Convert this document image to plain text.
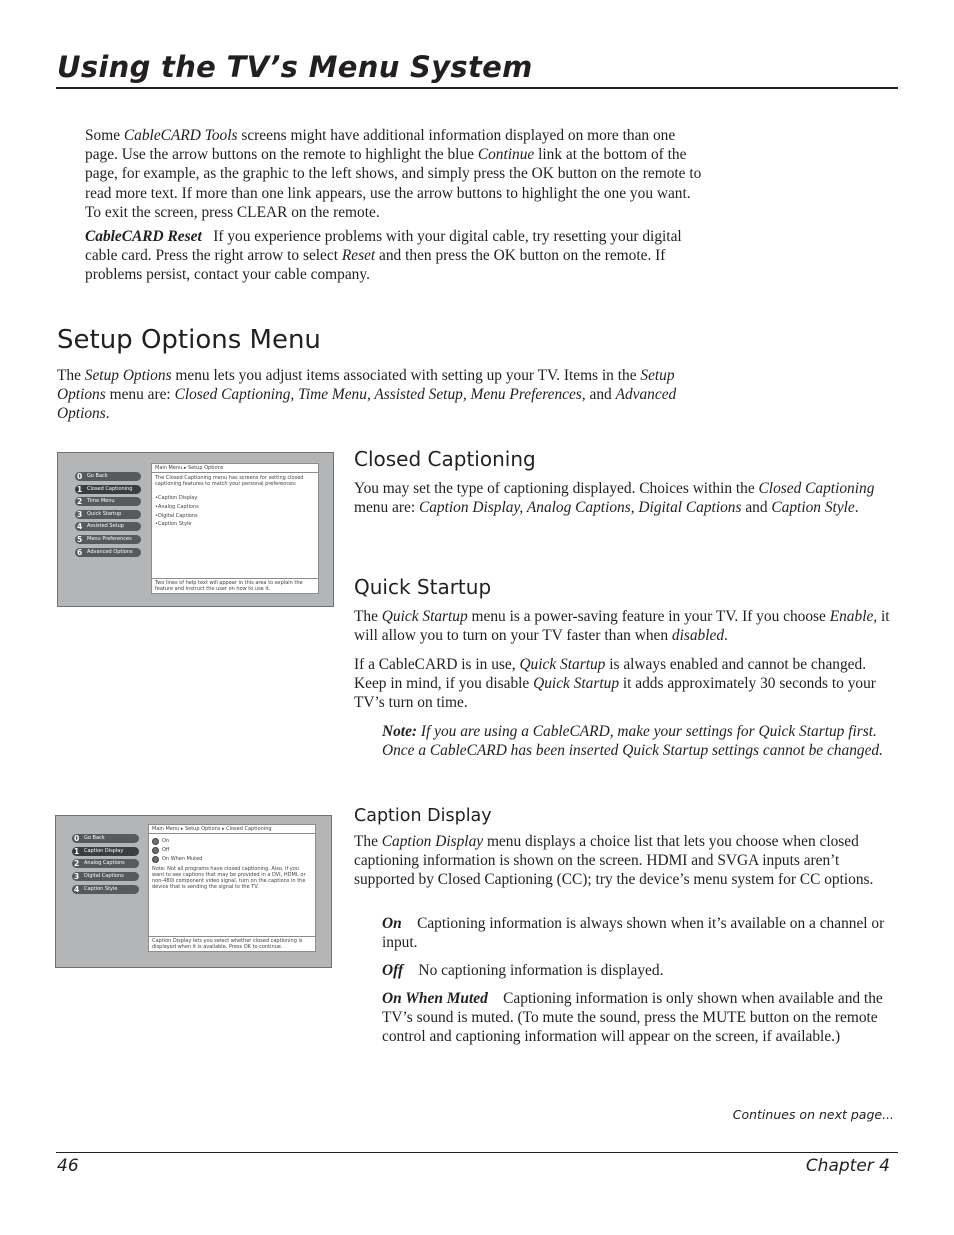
Using the TV’s Menu System
Some CableCARD Tools screens might have additional information displayed on more than one page. Use the arrow buttons on the remote to highlight the blue Continue link at the bottom of the page, for example, as the graphic to the left shows, and simply press the OK button on the remote to read more text. If more than one link appears, use the arrow buttons to highlight the one you want. To exit the screen, press CLEAR on the remote.
CableCARD Reset If you experience problems with your digital cable, try resetting your digital cable card. Press the right arrow to select Reset and then press the OK button on the remote. If problems persist, contact your cable company.
Setup Options Menu
The Setup Options menu lets you adjust items associated with setting up your TV. Items in the Setup Options menu are: Closed Captioning, Time Menu, Assisted Setup, Menu Preferences, and Advanced Options.
0 Go Back
1 Closed Captioning
2 Time Menu
3 Quick Startup
4 Assisted Setup
5 Menu Preferences
6 Advanced Options
Main Menu ▸ Setup Options
The Closed Captioning menu has screens for setting closed captioning features to match your personal preferences:
•Caption Display
•Analog Captions
•Digital Captions
•Caption Style
Two lines of help text will appear in this area to explain the feature and instruct the user on how to use it.
Closed Captioning
You may set the type of captioning displayed. Choices within the Closed Captioning menu are: Caption Display, Analog Captions, Digital Captions and Caption Style.
Quick Startup
The Quick Startup menu is a power-saving feature in your TV. If you choose Enable, it will allow you to turn on your TV faster than when disabled.
If a CableCARD is in use, Quick Startup is always enabled and cannot be changed. Keep in mind, if you disable Quick Startup it adds approximately 30 seconds to your TV’s turn on time.
Note: If you are using a CableCARD, make your settings for Quick Startup first. Once a CableCARD has been inserted Quick Startup settings cannot be changed.
0 Go Back
1 Caption Display
2 Analog Captions
3 Digital Captions
4 Caption Style
Main Menu ▸ Setup Options ▸ Closed Captioning
On
Off
On When Muted
Note: Not all programs have closed captioning. Also, if you want to see captions that may be provided in a DVI, HDMI, or non-480i component video signal, turn on the captions in the device that is sending the signal to the TV.
Caption Display lets you select whether closed captioning is displayed when it is available. Press OK to continue.
Caption Display
The Caption Display menu displays a choice list that lets you choose when closed captioning information is shown on the screen. HDMI and SVGA inputs aren’t supported by Closed Captioning (CC); try the device’s menu system for CC options.
On Captioning information is always shown when it’s available on a channel or input.
Off No captioning information is displayed.
On When Muted Captioning information is only shown when available and the TV’s sound is muted. (To mute the sound, press the MUTE button on the remote control and captioning information will appear on the screen, if available.)
Continues on next page...
46	Chapter 4
